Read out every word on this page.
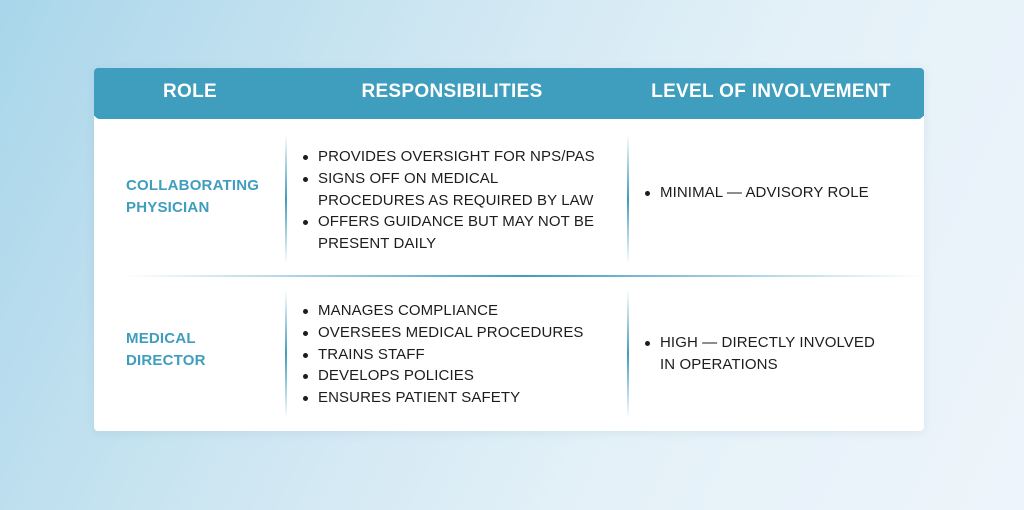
ROLE	RESPONSIBILITIES	LEVEL OF INVOLVEMENT
COLLABORATING
PHYSICIAN
PROVIDES OVERSIGHT FOR NPS/PAS
SIGNS OFF ON MEDICAL
PROCEDURES AS REQUIRED BY LAW
OFFERS GUIDANCE BUT MAY NOT BE
PRESENT DAILY
MINIMAL — ADVISORY ROLE
MEDICAL
DIRECTOR
MANAGES COMPLIANCE
OVERSEES MEDICAL PROCEDURES
TRAINS STAFF
DEVELOPS POLICIES
ENSURES PATIENT SAFETY
HIGH — DIRECTLY INVOLVED
IN OPERATIONS
